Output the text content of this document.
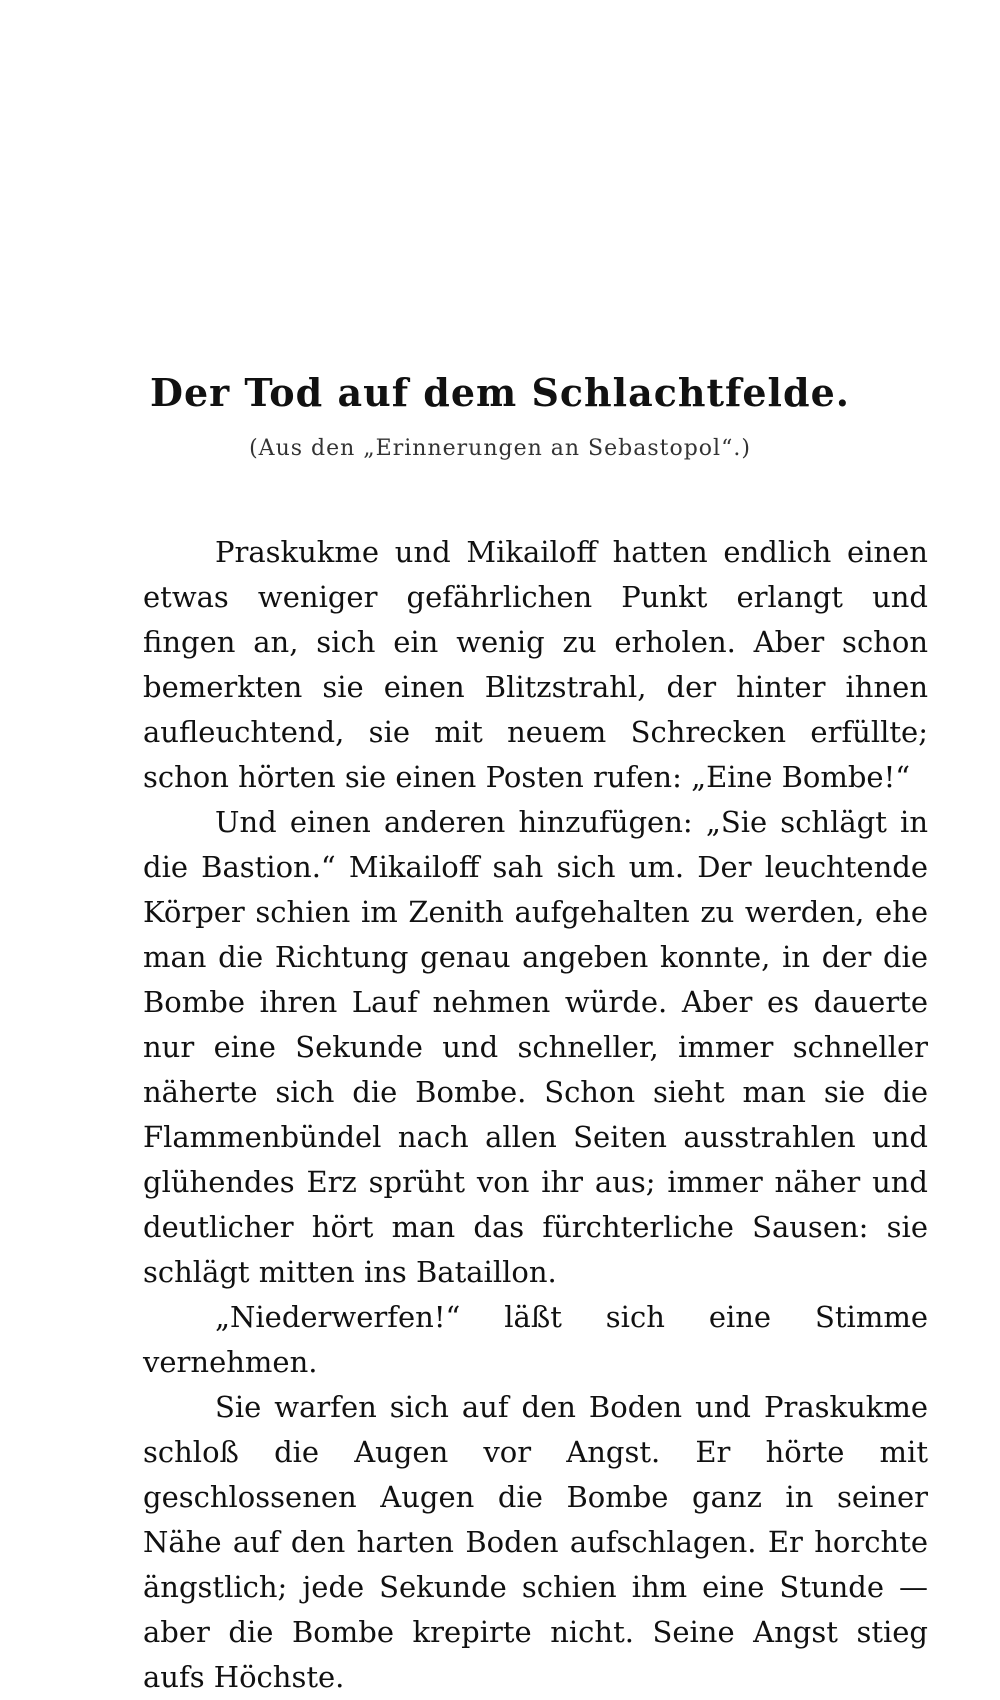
Der Tod auf dem Schlachtfelde.
(Aus den „Erinnerungen an Sebastopol“.)

Praskukme und Mikailoff hatten endlich einen etwas weniger gefährlichen Punkt erlangt und fingen an, sich ein wenig zu erholen. Aber schon bemerkten sie einen Blitzstrahl, der hinter ihnen aufleuchtend, sie mit neuem Schrecken erfüllte; schon hörten sie einen Posten rufen: „Eine Bombe!“

Und einen anderen hinzufügen: „Sie schlägt in die Bastion.“ Mikailoff sah sich um. Der leuchtende Körper schien im Zenith aufgehalten zu werden, ehe man die Richtung genau angeben konnte, in der die Bombe ihren Lauf nehmen würde. Aber es dauerte nur eine Sekunde und schneller, immer schneller näherte sich die Bombe. Schon sieht man sie die Flammenbündel nach allen Seiten ausstrahlen und glühendes Erz sprüht von ihr aus; immer näher und deutlicher hört man das fürchterliche Sausen: sie schlägt mitten ins Bataillon.

„Niederwerfen!“ läßt sich eine Stimme vernehmen.

Sie warfen sich auf den Boden und Praskukme schloß die Augen vor Angst. Er hörte mit geschlossenen Augen die Bombe ganz in seiner Nähe auf den harten Boden aufschlagen. Er horchte ängstlich; jede Sekunde schien ihm eine Stunde — aber die Bombe krepirte nicht. Seine Angst stieg aufs Höchste.
